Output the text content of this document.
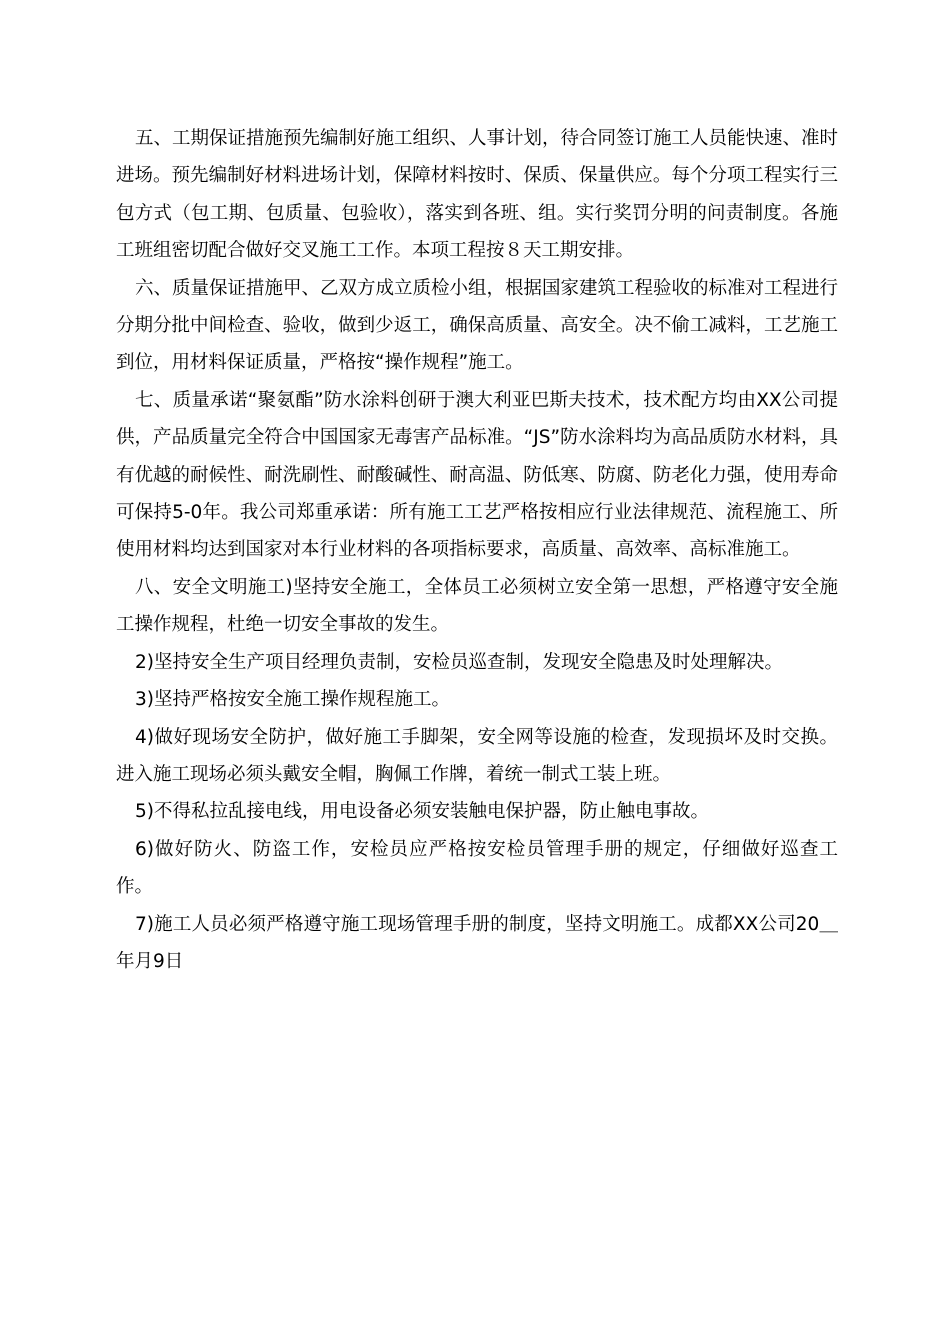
五、工期保证措施预先编制好施工组织、人事计划，待合同签订施工人员能快速、准时进场。预先编制好材料进场计划，保障材料按时、保质、保量供应。每个分项工程实行三包方式（包工期、包质量、包验收），落实到各班、组。实行奖罚分明的问责制度。各施工班组密切配合做好交叉施工工作。本项工程按８天工期安排。

六、质量保证措施甲、乙双方成立质检小组，根据国家建筑工程验收的标准对工程进行分期分批中间检查、验收，做到少返工，确保高质量、高安全。决不偷工减料，工艺施工到位，用材料保证质量，严格按“操作规程”施工。

七、质量承诺“聚氨酯”防水涂料创研于澳大利亚巴斯夫技术，技术配方均由XX公司提供，产品质量完全符合中国国家无毒害产品标准。“JS”防水涂料均为高品质防水材料，具有优越的耐候性、耐洗刷性、耐酸碱性、耐高温、防低寒、防腐、防老化力强，使用寿命可保持5-0年。我公司郑重承诺：所有施工工艺严格按相应行业法律规范、流程施工、所使用材料均达到国家对本行业材料的各项指标要求，高质量、高效率、高标准施工。

八、安全文明施工)坚持安全施工，全体员工必须树立安全第一思想，严格遵守安全施工操作规程，杜绝一切安全事故的发生。

2)坚持安全生产项目经理负责制，安检员巡查制，发现安全隐患及时处理解决。

3)坚持严格按安全施工操作规程施工。

4)做好现场安全防护，做好施工手脚架，安全网等设施的检查，发现损坏及时交换。进入施工现场必须头戴安全帽，胸佩工作牌，着统一制式工装上班。

5)不得私拉乱接电线，用电设备必须安装触电保护器，防止触电事故。

6)做好防火、防盗工作，安检员应严格按安检员管理手册的规定，仔细做好巡查工作。

7)施工人员必须严格遵守施工现场管理手册的制度，坚持文明施工。成都XX公司20＿年月9日
